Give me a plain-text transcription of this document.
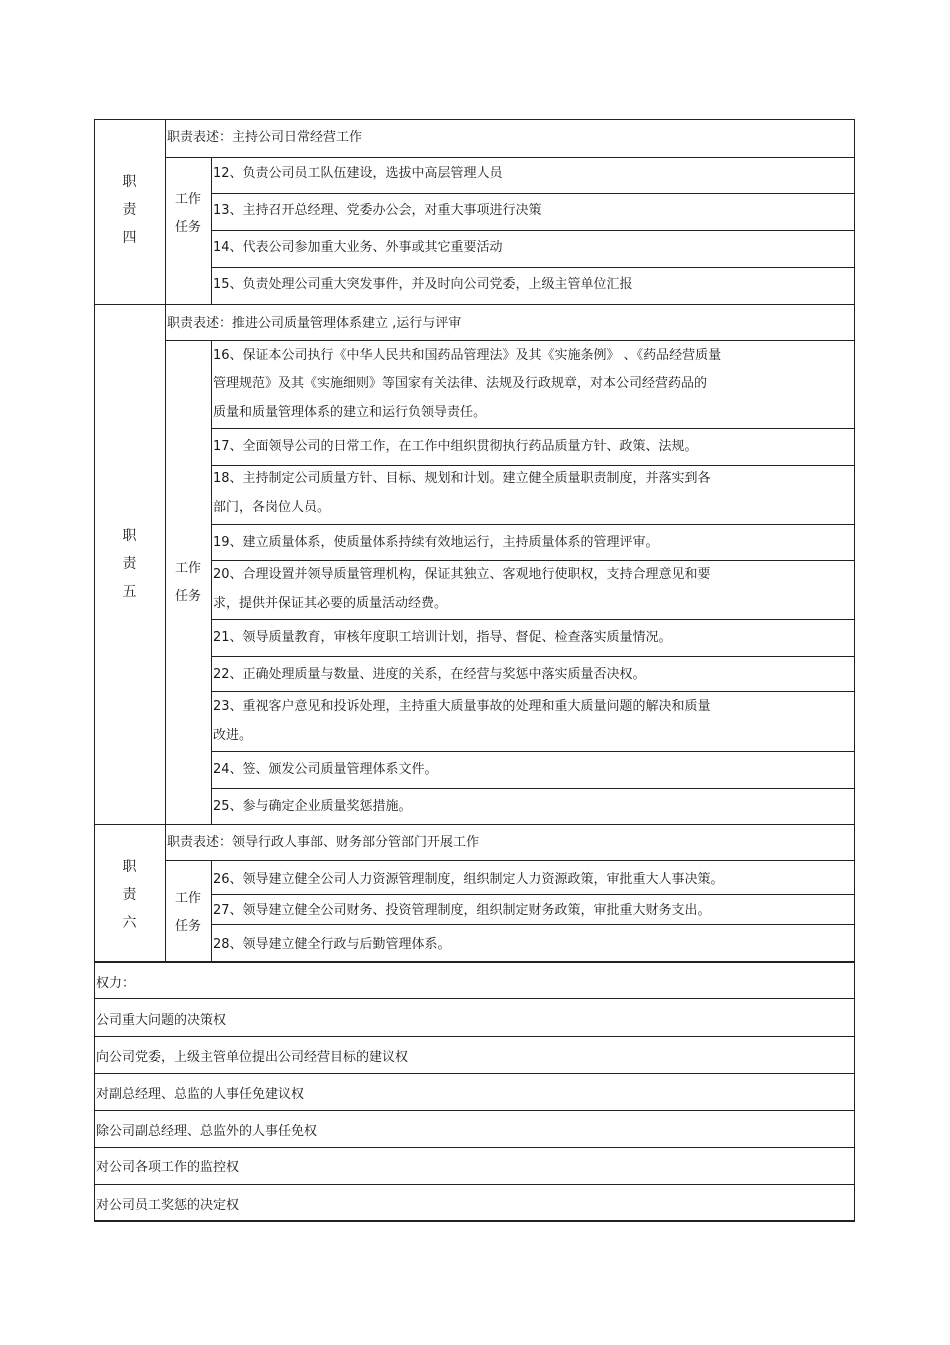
职
责
四
职责表述：主持公司日常经营工作
工作
任务
12、负责公司员工队伍建设，选拔中高层管理人员
13、主持召开总经理、党委办公会，对重大事项进行决策
14、代表公司参加重大业务、外事或其它重要活动
15、负责处理公司重大突发事件，并及时向公司党委，上级主管单位汇报
职
责
五
职责表述：推进公司质量管理体系建立 ,运行与评审
工作
任务
16、保证本公司执行《中华人民共和国药品管理法》及其《实施条例》 、《药品经营质量
管理规范》及其《实施细则》等国家有关法律、法规及行政规章，对本公司经营药品的
质量和质量管理体系的建立和运行负领导责任。
17、全面领导公司的日常工作，在工作中组织贯彻执行药品质量方针、政策、法规。
18、主持制定公司质量方针、目标、规划和计划。建立健全质量职责制度，并落实到各
部门，各岗位人员。
19、建立质量体系，使质量体系持续有效地运行，主持质量体系的管理评审。
20、合理设置并领导质量管理机构，保证其独立、客观地行使职权，支持合理意见和要
求，提供并保证其必要的质量活动经费。
21、领导质量教育，审核年度职工培训计划，指导、督促、检查落实质量情况。
22、正确处理质量与数量、进度的关系，在经营与奖惩中落实质量否决权。
23、重视客户意见和投诉处理，主持重大质量事故的处理和重大质量问题的解决和质量
改进。
24、签、颁发公司质量管理体系文件。
25、参与确定企业质量奖惩措施。
职
责
六
职责表述：领导行政人事部、财务部分管部门开展工作
工作
任务
26、领导建立健全公司人力资源管理制度，组织制定人力资源政策，审批重大人事决策。
27、领导建立健全公司财务、投资管理制度，组织制定财务政策，审批重大财务支出。
28、领导建立健全行政与后勤管理体系。
权力：
公司重大问题的决策权
向公司党委，上级主管单位提出公司经营目标的建议权
对副总经理、总监的人事任免建议权
除公司副总经理、总监外的人事任免权
对公司各项工作的监控权
对公司员工奖惩的决定权
